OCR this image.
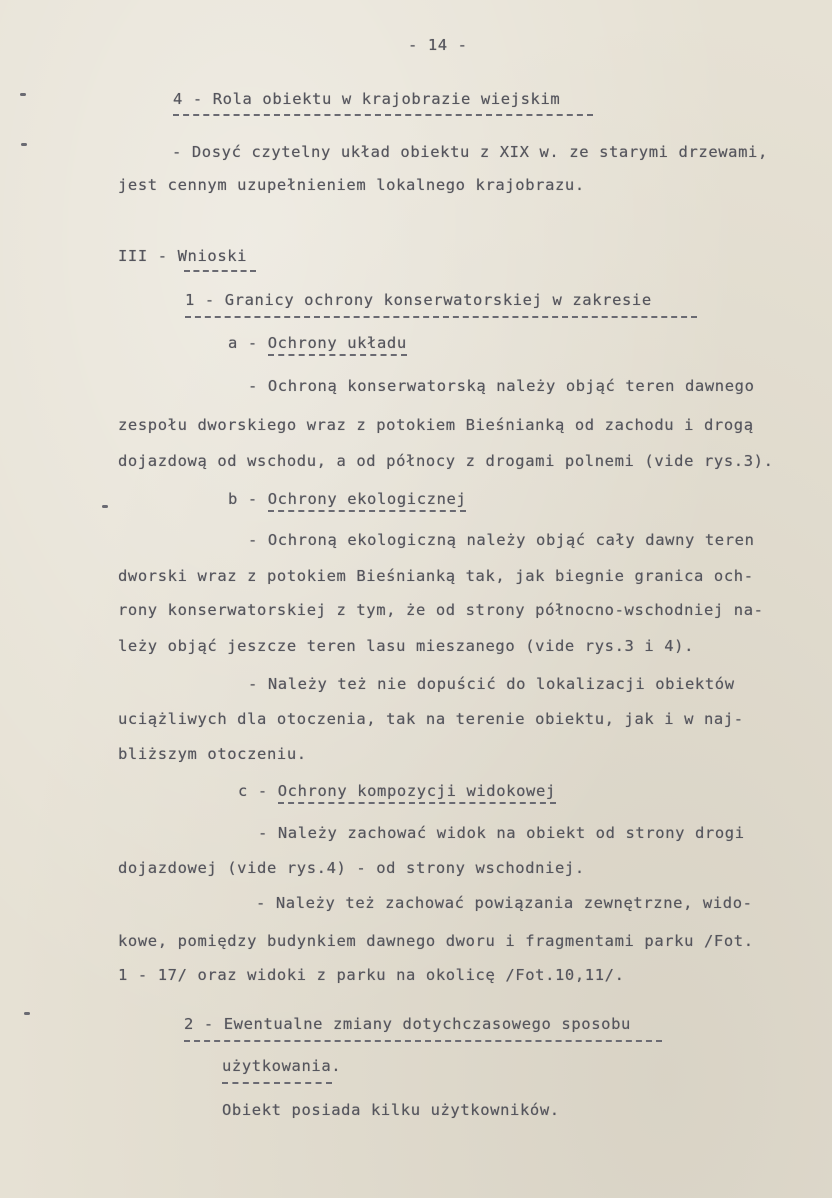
- 14 -
4 - Rola obiektu w krajobrazie wiejskim
- Dosyć czytelny układ obiektu z XIX w. ze starymi drzewami,
jest cennym uzupełnieniem lokalnego krajobrazu.
III - Wnioski
1 - Granicy ochrony konserwatorskiej w zakresie
a - Ochrony układu
- Ochroną konserwatorską należy objąć teren dawnego
zespołu dworskiego wraz z potokiem Bieśnianką od zachodu i drogą
dojazdową od wschodu, a od północy z drogami polnemi (vide rys.3).
b - Ochrony ekologicznej
- Ochroną ekologiczną należy objąć cały dawny teren
dworski wraz z potokiem Bieśnianką tak, jak biegnie granica och-
rony konserwatorskiej z tym, że od strony północno-wschodniej na-
leży objąć jeszcze teren lasu mieszanego (vide rys.3 i 4).
- Należy też nie dopuścić do lokalizacji obiektów
uciążliwych dla otoczenia, tak na terenie obiektu, jak i w naj-
bliższym otoczeniu.
c - Ochrony kompozycji widokowej
- Należy zachować widok na obiekt od strony drogi
dojazdowej (vide rys.4) - od strony wschodniej.
- Należy też zachować powiązania zewnętrzne, wido-
kowe, pomiędzy budynkiem dawnego dworu i fragmentami parku /Fot.
1 - 17/ oraz widoki z parku na okolicę /Fot.10,11/.
2 - Ewentualne zmiany dotychczasowego sposobu
użytkowania.
Obiekt posiada kilku użytkowników.
